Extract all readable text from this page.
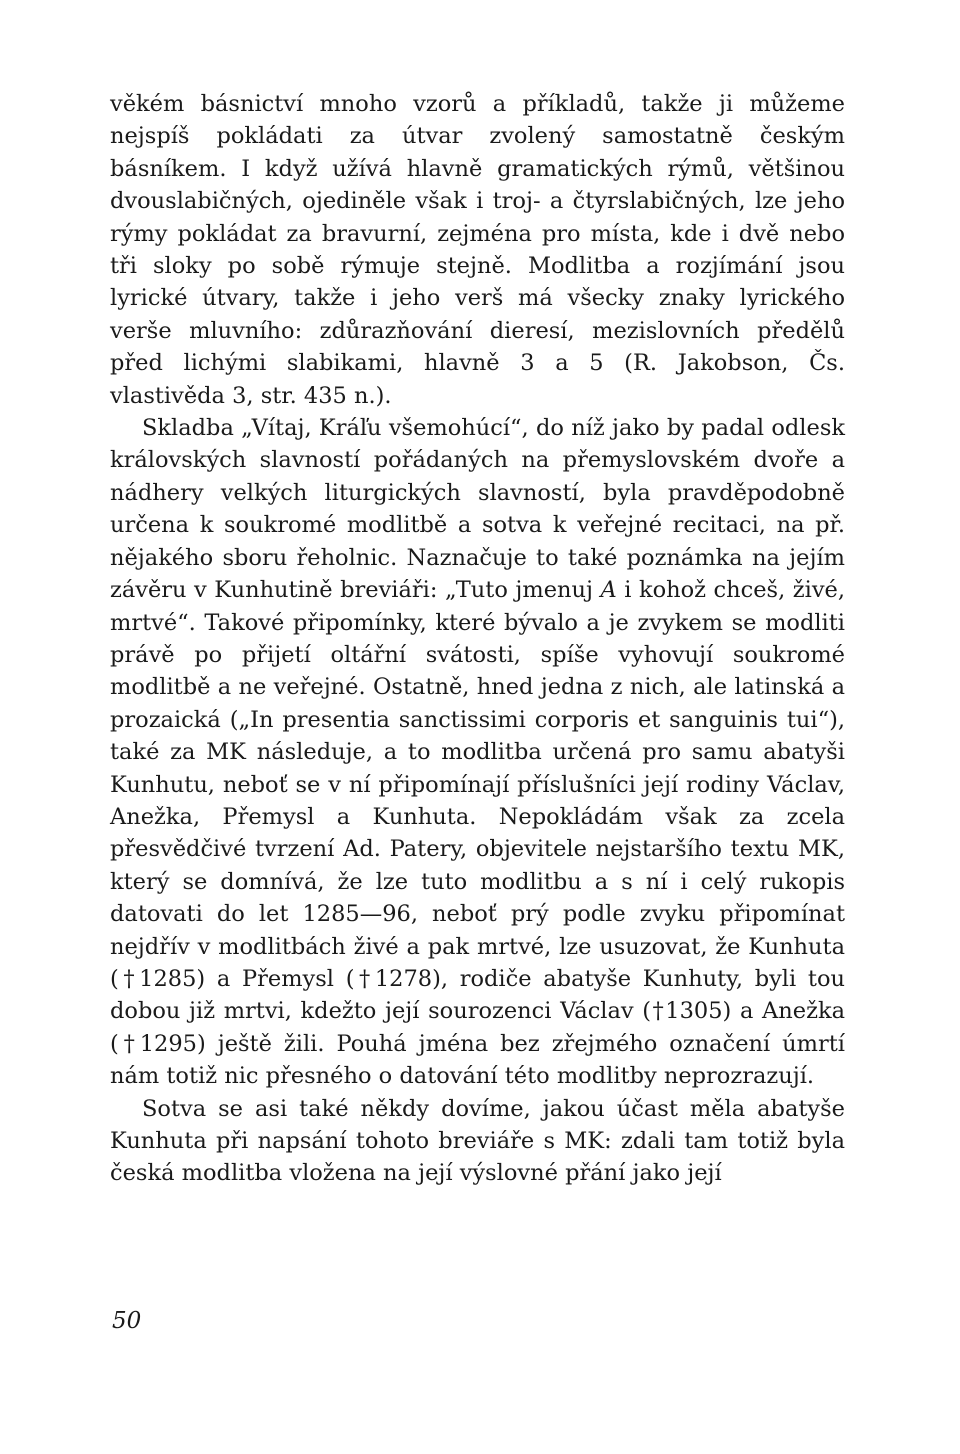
věkém básnictví mnoho vzorů a příkladů, takže ji můžeme nejspíš pokládati za útvar zvolený samostatně českým básníkem. I když užívá hlavně gramatických rýmů, většinou dvouslabičných, ojediněle však i troj- a čtyrslabičných, lze jeho rýmy pokládat za bravurní, zejména pro místa, kde i dvě nebo tři sloky po sobě rýmuje stejně. Modlitba a rozjímání jsou lyrické útvary, takže i jeho verš má všecky znaky lyrického verše mluvního: zdůrazňování dieresí, mezislovních předělů před lichými slabikami, hlavně 3 a 5 (R. Jakobson, Čs. vlastivěda 3, str. 435 n.).

Skladba „Vítaj, Kráľu všemohúcí“, do níž jako by padal odlesk královských slavností pořádaných na přemyslovském dvoře a nádhery velkých liturgických slavností, byla pravděpodobně určena k soukromé modlitbě a sotva k veřejné recitaci, na př. nějakého sboru řeholnic. Naznačuje to také poznámka na jejím závěru v Kunhutině breviáři: „Tuto jmenuj A i kohož chceš, živé, mrtvé“. Takové připomínky, které bývalo a je zvykem se modliti právě po přijetí oltářní svátosti, spíše vyhovují soukromé modlitbě a ne veřejné. Ostatně, hned jedna z nich, ale latinská a prozaická („In presentia sanctissimi corporis et sanguinis tui“), také za MK následuje, a to modlitba určená pro samu abatyši Kunhutu, neboť se v ní připomínají příslušníci její rodiny Václav, Anežka, Přemysl a Kunhuta. Nepokládám však za zcela přesvědčivé tvrzení Ad. Patery, objevitele nejstaršího textu MK, který se domnívá, že lze tuto modlitbu a s ní i celý rukopis datovati do let 1285—96, neboť prý podle zvyku připomínat nejdřív v modlitbách živé a pak mrtvé, lze usuzovat, že Kunhuta (†1285) a Přemysl (†1278), rodiče abatyše Kunhuty, byli tou dobou již mrtvi, kdežto její sourozenci Václav (†1305) a Anežka (†1295) ještě žili. Pouhá jména bez zřejmého označení úmrtí nám totiž nic přesného o datování této modlitby neprozrazují.

Sotva se asi také někdy dovíme, jakou účast měla abatyše Kunhuta při napsání tohoto breviáře s MK: zdali tam totiž byla česká modlitba vložena na její výslovné přání jako její

50
